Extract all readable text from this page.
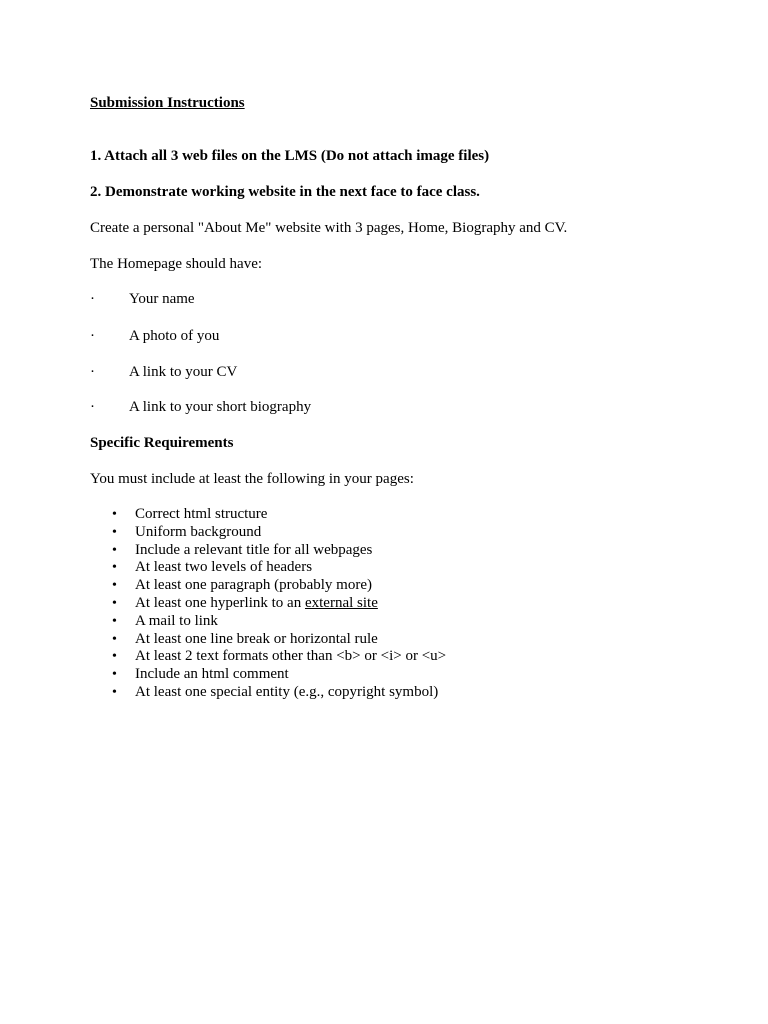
Submission Instructions
1. Attach all 3 web files on the LMS (Do not attach image files)
2. Demonstrate working website in the next face to face class.
Create a personal "About Me" website with 3 pages, Home, Biography and CV.
The Homepage should have:
· Your name
· A photo of you
· A link to your CV
· A link to your short biography
Specific Requirements
You must include at least the following in your pages:
• Correct html structure
• Uniform background
• Include a relevant title for all webpages
• At least two levels of headers
• At least one paragraph (probably more)
• At least one hyperlink to an external site
• A mail to link
• At least one line break or horizontal rule
• At least 2 text formats other than <b> or <i> or <u>
• Include an html comment
• At least one special entity (e.g., copyright symbol)
